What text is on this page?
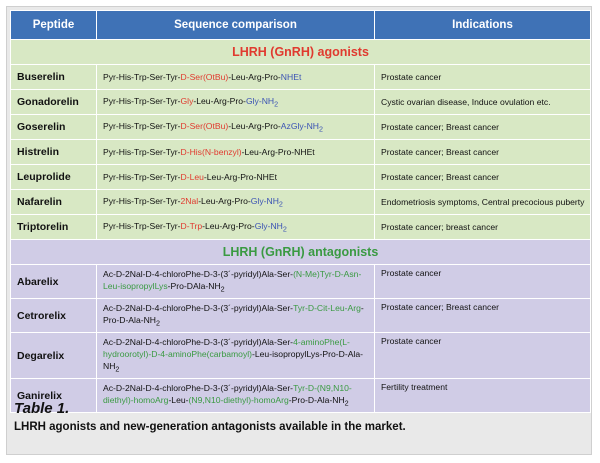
Peptide	Sequence comparison	Indications
LHRH (GnRH) agonists		
Buserelin	Pyr-His-Trp-Ser-Tyr-D-Ser(OtBu)-Leu-Arg-Pro-NHEt	Prostate cancer
Gonadorelin	Pyr-$His-Trp-Ser-Tyr-Gly-Leu-Arg-Pro-Gly-NH_2$	Cystic ovarian disease, Induce ovulation etc.
Goserelin	Pyr-$His-Trp-Ser-Tyr-D-Ser(OtBu)-Leu-Arg-Pro-AzGly-NH_2$	Prostate cancer; Breast cancer
Histrelin	Pyr-His-Trp-Ser-Tyr-D-His(N-benzyl)-Leu-Arg-Pro-NHEt	Prostate cancer; Breast cancer
Leuprolide	Pyr-His-Trp-Ser-Tyr-D-Leu-Leu-Arg-Pro-NHEt	Prostate cancer; Breast cancer
Nafarelin	Pyr-$His-Trp-Ser-Tyr-2Nal-Leu-Arg-Pro-Gly-NH_2$	Endometriosis symptoms, Central precocious puberty
Triptorelin	Pyr-$His-Trp-Ser-Tyr-D-Trp-Leu-Arg-Pro-Gly-NH_2$	Prostate cancer; breast cancer
LHRH (GnRH) antagonists		
Abarelix	$Ac-D-2Nal-D-4-chloroPhe-D-3-(3´-pyridyl)Ala-Ser-(N-Me)Tyr-D-Asn-Leu-isopropylLys-Pro-DAla-NH_2$	Prostate cancer
Cetrorelix	$Ac-D-2Nal-D-4-chloroPhe-D-3-(3´-pyridyl)Ala-Ser-Tyr-D-Cit-Leu-Arg-Pro-D-Ala-NH_2$	Prostate cancer; Breast cancer
Degarelix	Ac-D-2Nal-D-4-chloroPhe-D-3-(3´-pyridyl)Ala-Ser-4-aminoPhe(L-hydroorotyl)-D-4-aminoPhe(carbamoyl)-Leu-isopropylLys-Pro-D$-Ala-NH_2$	Prostate cancer
Ganirelix	Ac-D-2Nal-D-4-chloroPhe-D-3-(3´-pyridyl)Ala-Ser-Tyr-D-(N9,N10-diethyl)-homoArg-Leu-(N9,N10-diethyl)-homoArg-Pro-D-Ala-NH$_2$	Fertility treatment
Table 1.
LHRH agonists and new-generation antagonists available in the market.
